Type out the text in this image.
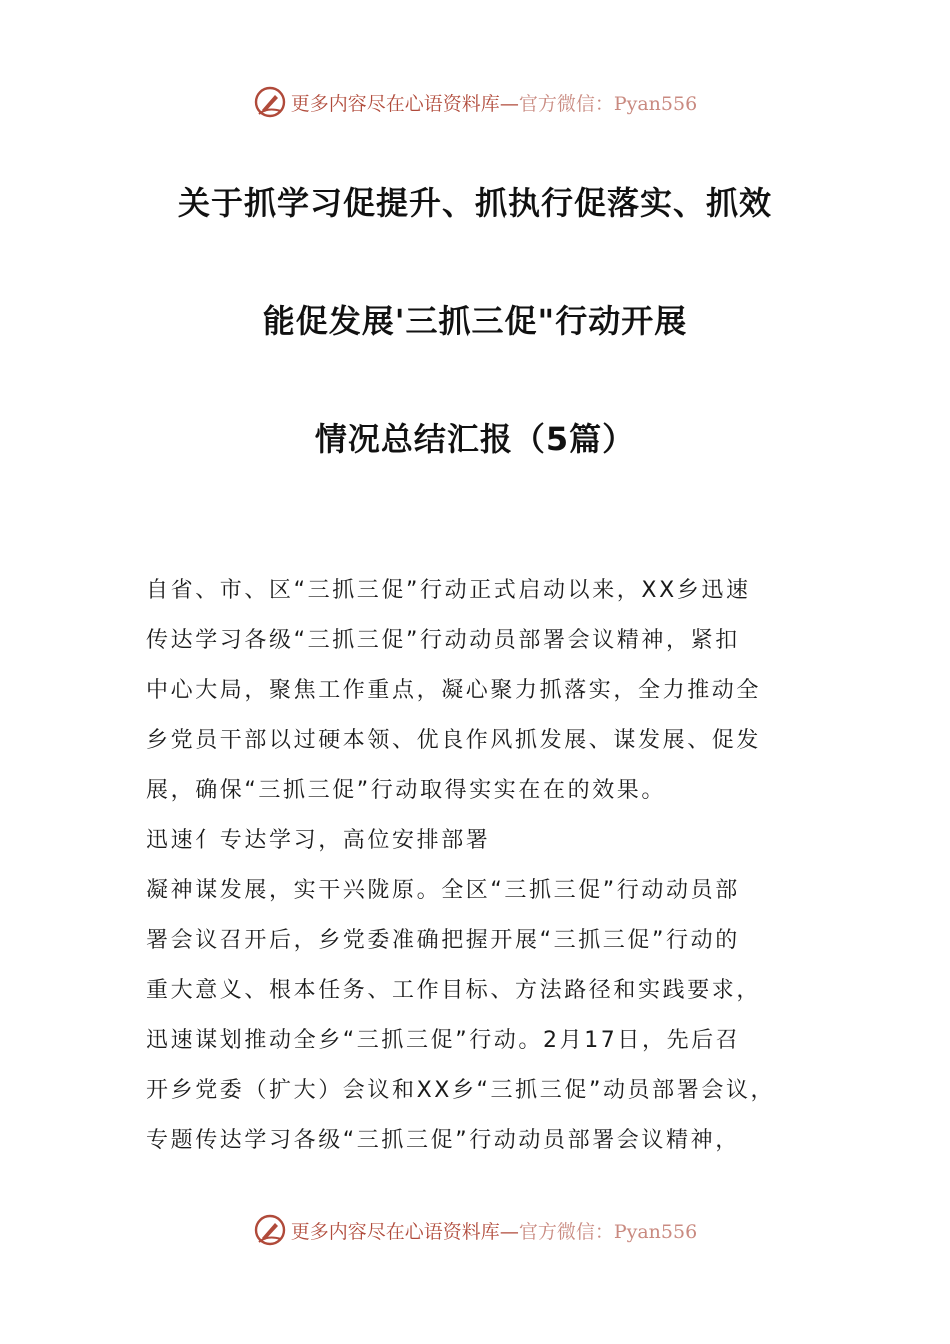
更多内容尽在心语资料库—官方微信：Pyan556
关于抓学习促提升、抓执行促落实、抓效
能促发展'三抓三促"行动开展
情况总结汇报（5篇）
自省、市、区“三抓三促”行动正式启动以来，XX乡迅速
传达学习各级“三抓三促”行动动员部署会议精神，紧扣
中心大局，聚焦工作重点，凝心聚力抓落实，全力推动全
乡党员干部以过硬本领、优良作风抓发展、谋发展、促发
展，确保“三抓三促”行动取得实实在在的效果。
迅速亻专达学习，高位安排部署
凝神谋发展，实干兴陇原。全区“三抓三促”行动动员部
署会议召开后，乡党委准确把握开展“三抓三促”行动的
重大意义、根本任务、工作目标、方法路径和实践要求，
迅速谋划推动全乡“三抓三促”行动。2月17日，先后召
开乡党委（扩大）会议和XX乡“三抓三促”动员部署会议，
专题传达学习各级“三抓三促”行动动员部署会议精神，
更多内容尽在心语资料库—官方微信：Pyan556
